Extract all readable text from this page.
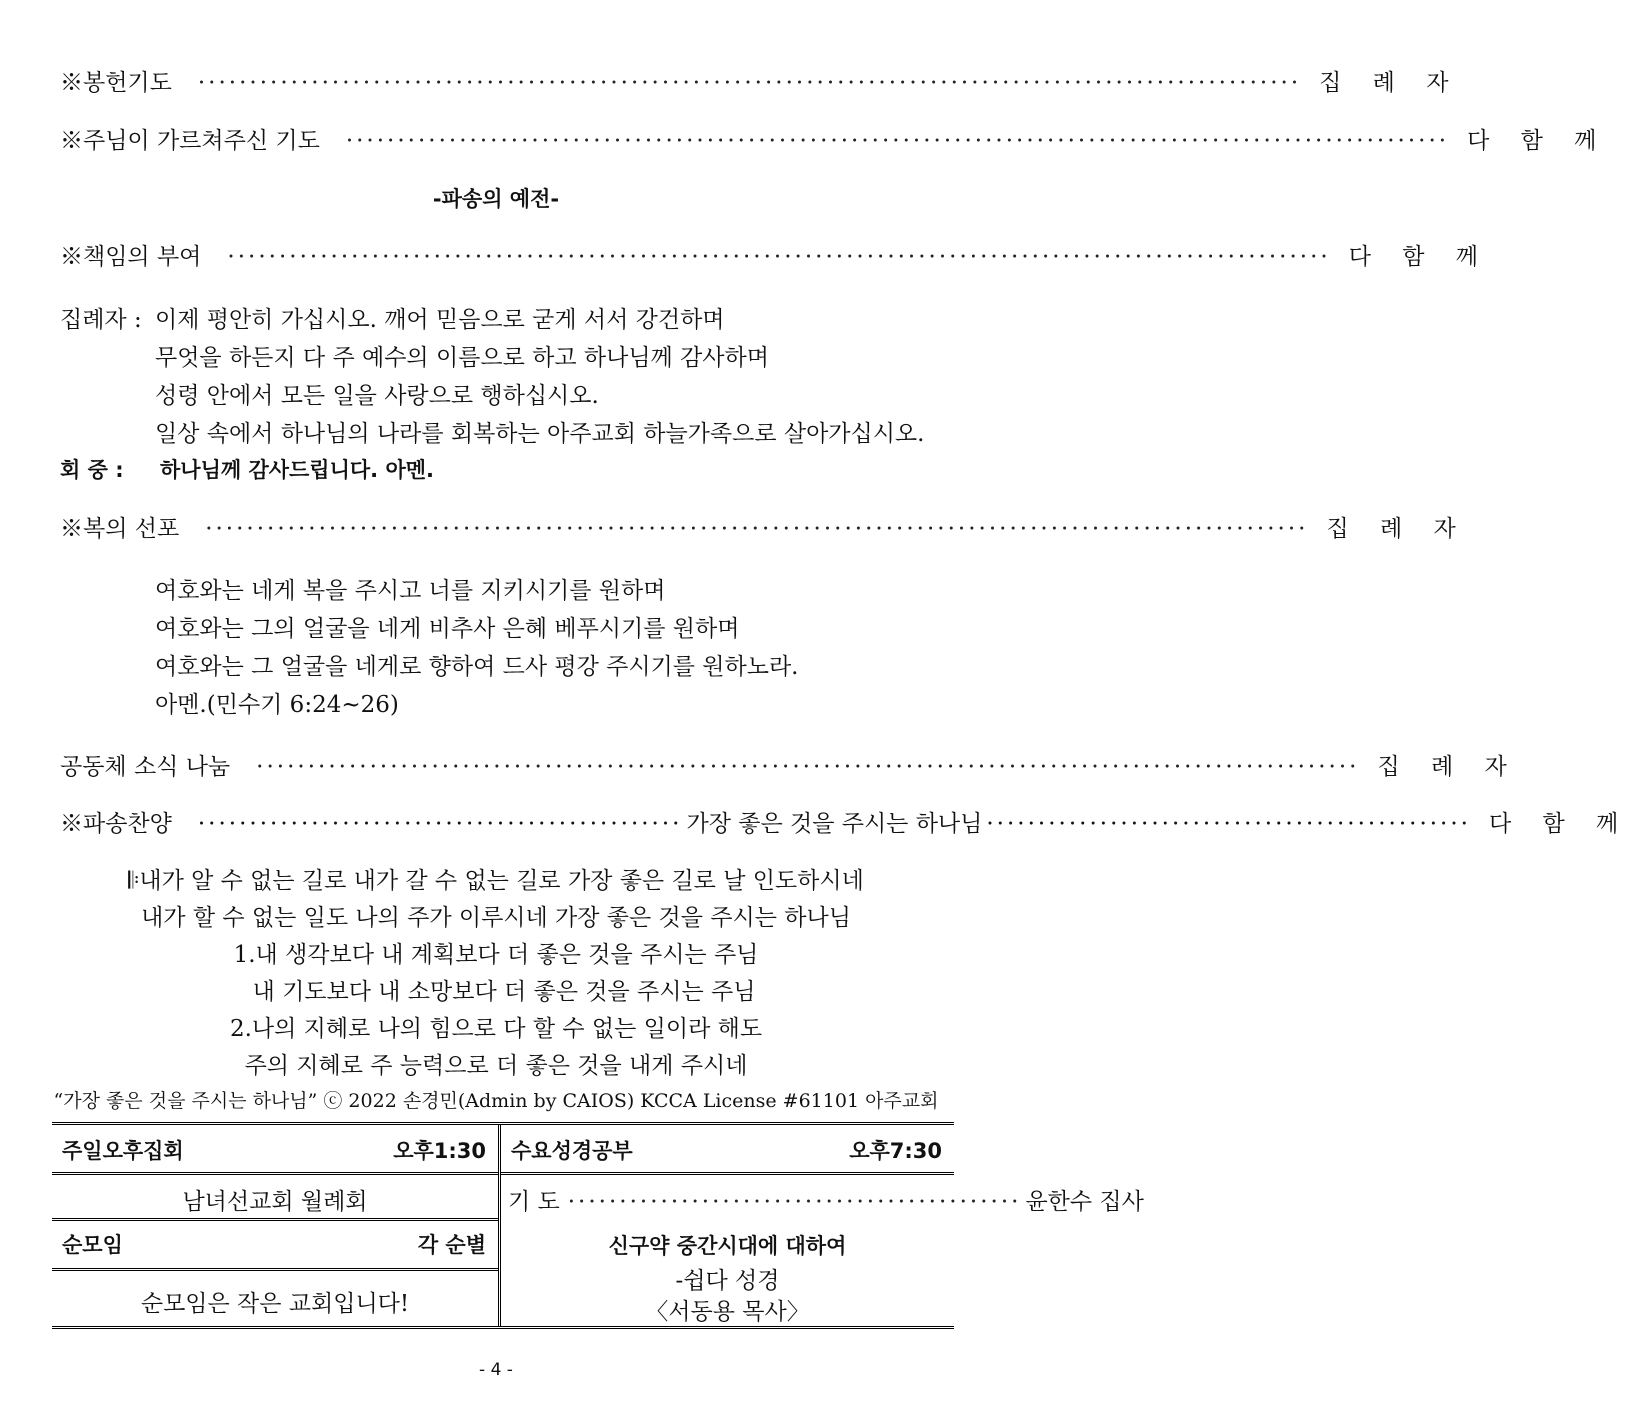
※봉헌기도 ··········································································································· 집 례 자
※주님이 가르쳐주신 기도 ··········································································································· 다 함 께
-파송의 예전-
※책임의 부여 ··········································································································· 다 함 께
집례자 : 이제 평안히 가십시오. 깨어 믿음으로 굳게 서서 강건하며
무엇을 하든지 다 주 예수의 이름으로 하고 하나님께 감사하며
성령 안에서 모든 일을 사랑으로 행하십시오.
일상 속에서 하나님의 나라를 회복하는 아주교회 하늘가족으로 살아가십시오.
회 중 : 하나님께 감사드립니다. 아멘.
※복의 선포 ··········································································································· 집 례 자
여호와는 네게 복을 주시고 너를 지키시기를 원하며
여호와는 그의 얼굴을 네게 비추사 은혜 베푸시기를 원하며
여호와는 그 얼굴을 네게로 향하여 드사 평강 주시기를 원하노라.
아멘.(민수기 6:24~26)
공동체 소식 나눔 ··········································································································· 집 례 자
※파송찬양 ··············································· 가장 좋은 것을 주시는 하나님 ··············································· 다 함 께
𝄆내가 알 수 없는 길로 내가 갈 수 없는 길로 가장 좋은 길로 날 인도하시네
내가 할 수 없는 일도 나의 주가 이루시네 가장 좋은 것을 주시는 하나님
1.내 생각보다 내 계획보다 더 좋은 것을 주시는 주님
내 기도보다 내 소망보다 더 좋은 것을 주시는 주님
2.나의 지혜로 나의 힘으로 다 할 수 없는 일이라 해도
주의 지혜로 주 능력으로 더 좋은 것을 내게 주시네
“가장 좋은 것을 주시는 하나님” ⓒ 2022 손경민(Admin by CAIOS) KCCA License #61101 아주교회
주일오후집회	오후1:30
남녀선교회 월례회
순모임	각 순별
순모임은 작은 교회입니다!
수요성경공부	오후7:30
기 도 ············································ 윤한수 집사
신구약 중간시대에 대하여
-쉽다 성경
〈서동용 목사〉
- 4 -
